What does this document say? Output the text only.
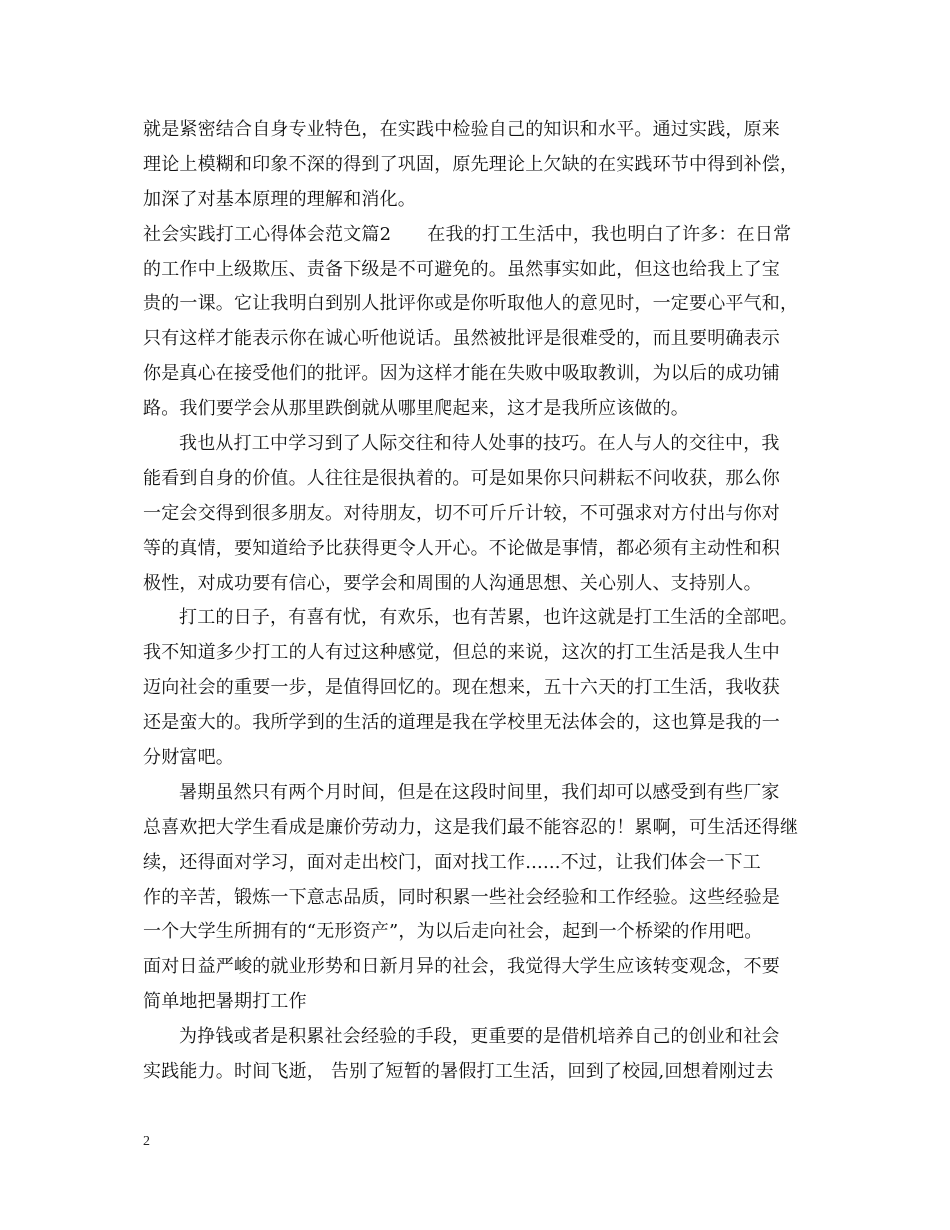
就是紧密结合自身专业特色，在实践中检验自己的知识和水平。通过实践，原来
理论上模糊和印象不深的得到了巩固，原先理论上欠缺的在实践环节中得到补偿，
加深了对基本原理的理解和消化。
社会实践打工心得体会范文篇2 在我的打工生活中，我也明白了许多：在日常
的工作中上级欺压、责备下级是不可避免的。虽然事实如此，但这也给我上了宝
贵的一课。它让我明白到别人批评你或是你听取他人的意见时，一定要心平气和，
只有这样才能表示你在诚心听他说话。虽然被批评是很难受的，而且要明确表示
你是真心在接受他们的批评。因为这样才能在失败中吸取教训，为以后的成功铺
路。我们要学会从那里跌倒就从哪里爬起来，这才是我所应该做的。
我也从打工中学习到了人际交往和待人处事的技巧。在人与人的交往中，我
能看到自身的价值。人往往是很执着的。可是如果你只问耕耘不问收获，那么你
一定会交得到很多朋友。对待朋友，切不可斤斤计较，不可强求对方付出与你对
等的真情，要知道给予比获得更令人开心。不论做是事情，都必须有主动性和积
极性，对成功要有信心，要学会和周围的人沟通思想、关心别人、支持别人。
打工的日子，有喜有忧，有欢乐，也有苦累，也许这就是打工生活的全部吧。
我不知道多少打工的人有过这种感觉，但总的来说，这次的打工生活是我人生中
迈向社会的重要一步，是值得回忆的。现在想来，五十六天的打工生活，我收获
还是蛮大的。我所学到的生活的道理是我在学校里无法体会的，这也算是我的一
分财富吧。
暑期虽然只有两个月时间，但是在这段时间里，我们却可以感受到有些厂家
总喜欢把大学生看成是廉价劳动力，这是我们最不能容忍的！累啊，可生活还得继
续，还得面对学习，面对走出校门，面对找工作......不过，让我们体会一下工
作的辛苦，锻炼一下意志品质，同时积累一些社会经验和工作经验。这些经验是
一个大学生所拥有的“无形资产”，为以后走向社会，起到一个桥梁的作用吧。
面对日益严峻的就业形势和日新月异的社会，我觉得大学生应该转变观念，不要
简单地把暑期打工作
为挣钱或者是积累社会经验的手段，更重要的是借机培养自己的创业和社会
实践能力。时间飞逝， 告别了短暂的暑假打工生活，回到了校园,回想着刚过去
2
